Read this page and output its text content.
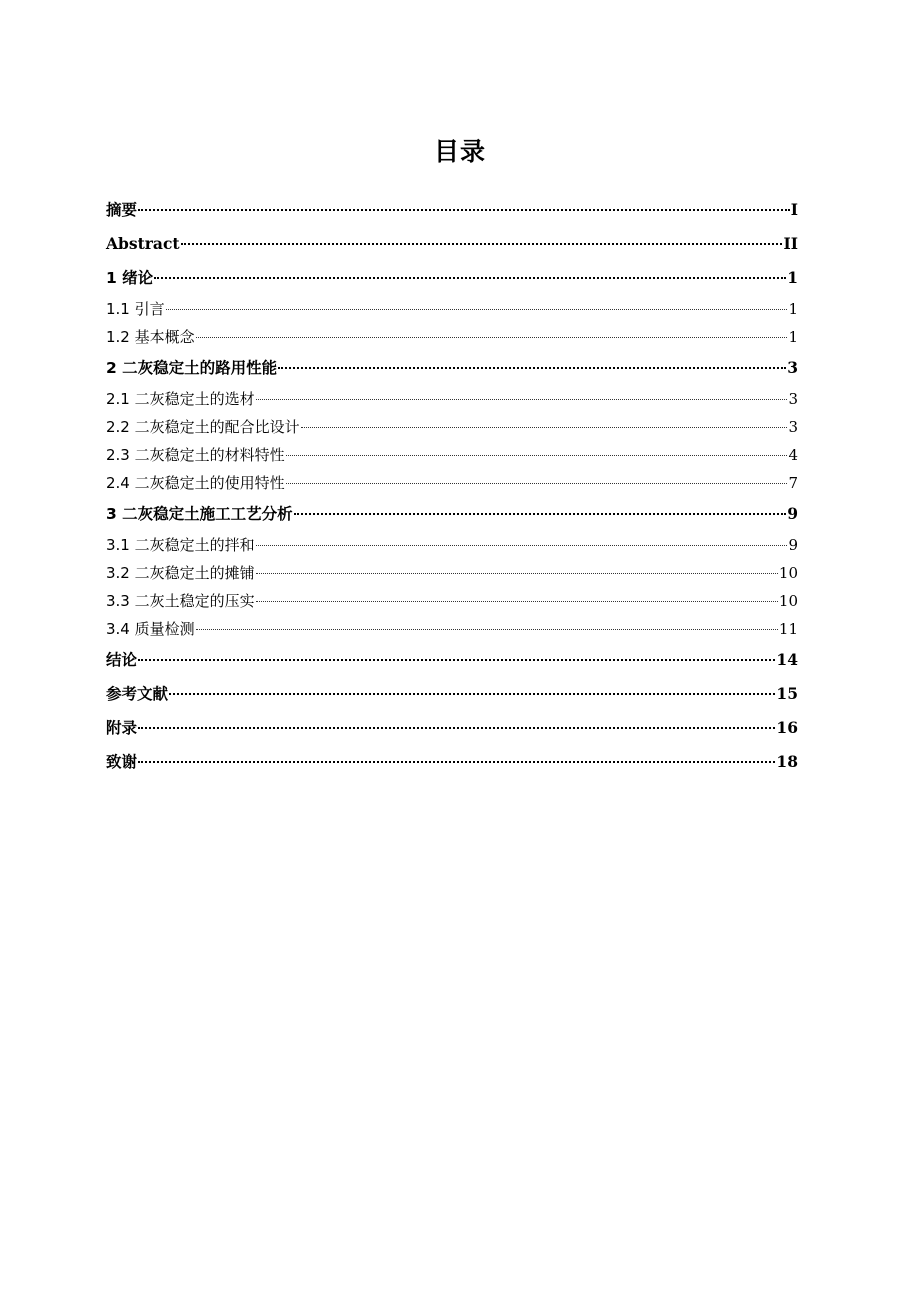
目录
摘要	I
Abstract	II
1 绪论	1
1.1 引言	1
1.2 基本概念	1
2 二灰稳定土的路用性能	3
2.1 二灰稳定土的选材	3
2.2 二灰稳定土的配合比设计	3
2.3 二灰稳定土的材料特性	4
2.4 二灰稳定土的使用特性	7
3 二灰稳定土施工工艺分析	9
3.1 二灰稳定土的拌和	9
3.2 二灰稳定土的摊铺	10
3.3 二灰土稳定的压实	10
3.4 质量检测	11
结论	14
参考文献	15
附录	16
致谢	18
